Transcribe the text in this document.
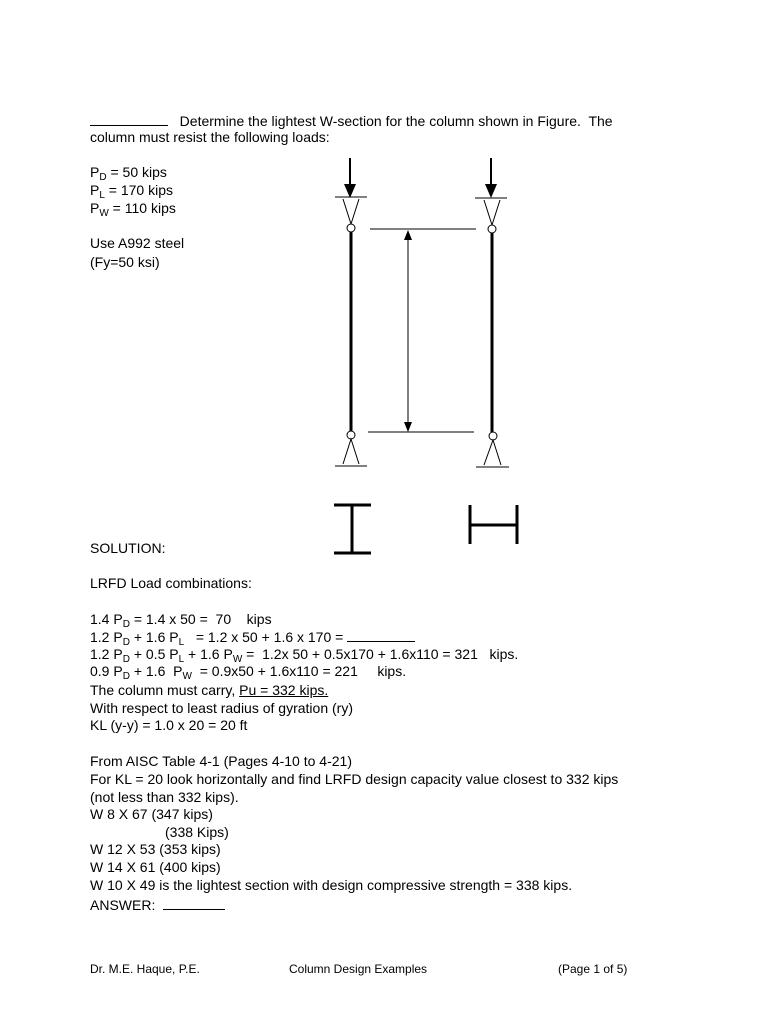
Determine the lightest W-section for the column shown in Figure.  The
column must resist the following loads:
$P_D = 50$ kips
$P_L = 170$ kips
$P_W = 110$ kips
Use A992 steel
(Fy=50 ksi)
SOLUTION:
LRFD Load combinations:
1.4 $P_D = 1.4$ x 50 =  70    kips
1.2 $P_D + 1.6$ $P_L = 1.2$ x 50 + 1.6 x 170 =
1.2 $P_D + 0.5$ $P_L + 1.6$ $P_W = 1.2x$ 50 + 0.5x170 + 1.6x110 = 321   kips.
0.9 $P_D + 1.6$  $P_W = 0.9x50 + 1.6x110 = 221$     kips.
The column must carry, Pu = 332 kips.
With respect to least radius of gyration (ry)
KL (y-y) = 1.0 x 20 = 20 ft
From AISC Table 4-1 (Pages 4-10 to 4-21)
For KL = 20 look horizontally and find LRFD design capacity value closest to 332 kips
(not less than 332 kips).
W 8 X 67 (347 kips)
(338 Kips)
W 12 X 53 (353 kips)
W 14 X 61 (400 kips)
W 10 X 49 is the lightest section with design compressive strength = 338 kips.
ANSWER:
Dr. M.E. Haque, P.E.	Column Design Examples	(Page 1 of 5)
